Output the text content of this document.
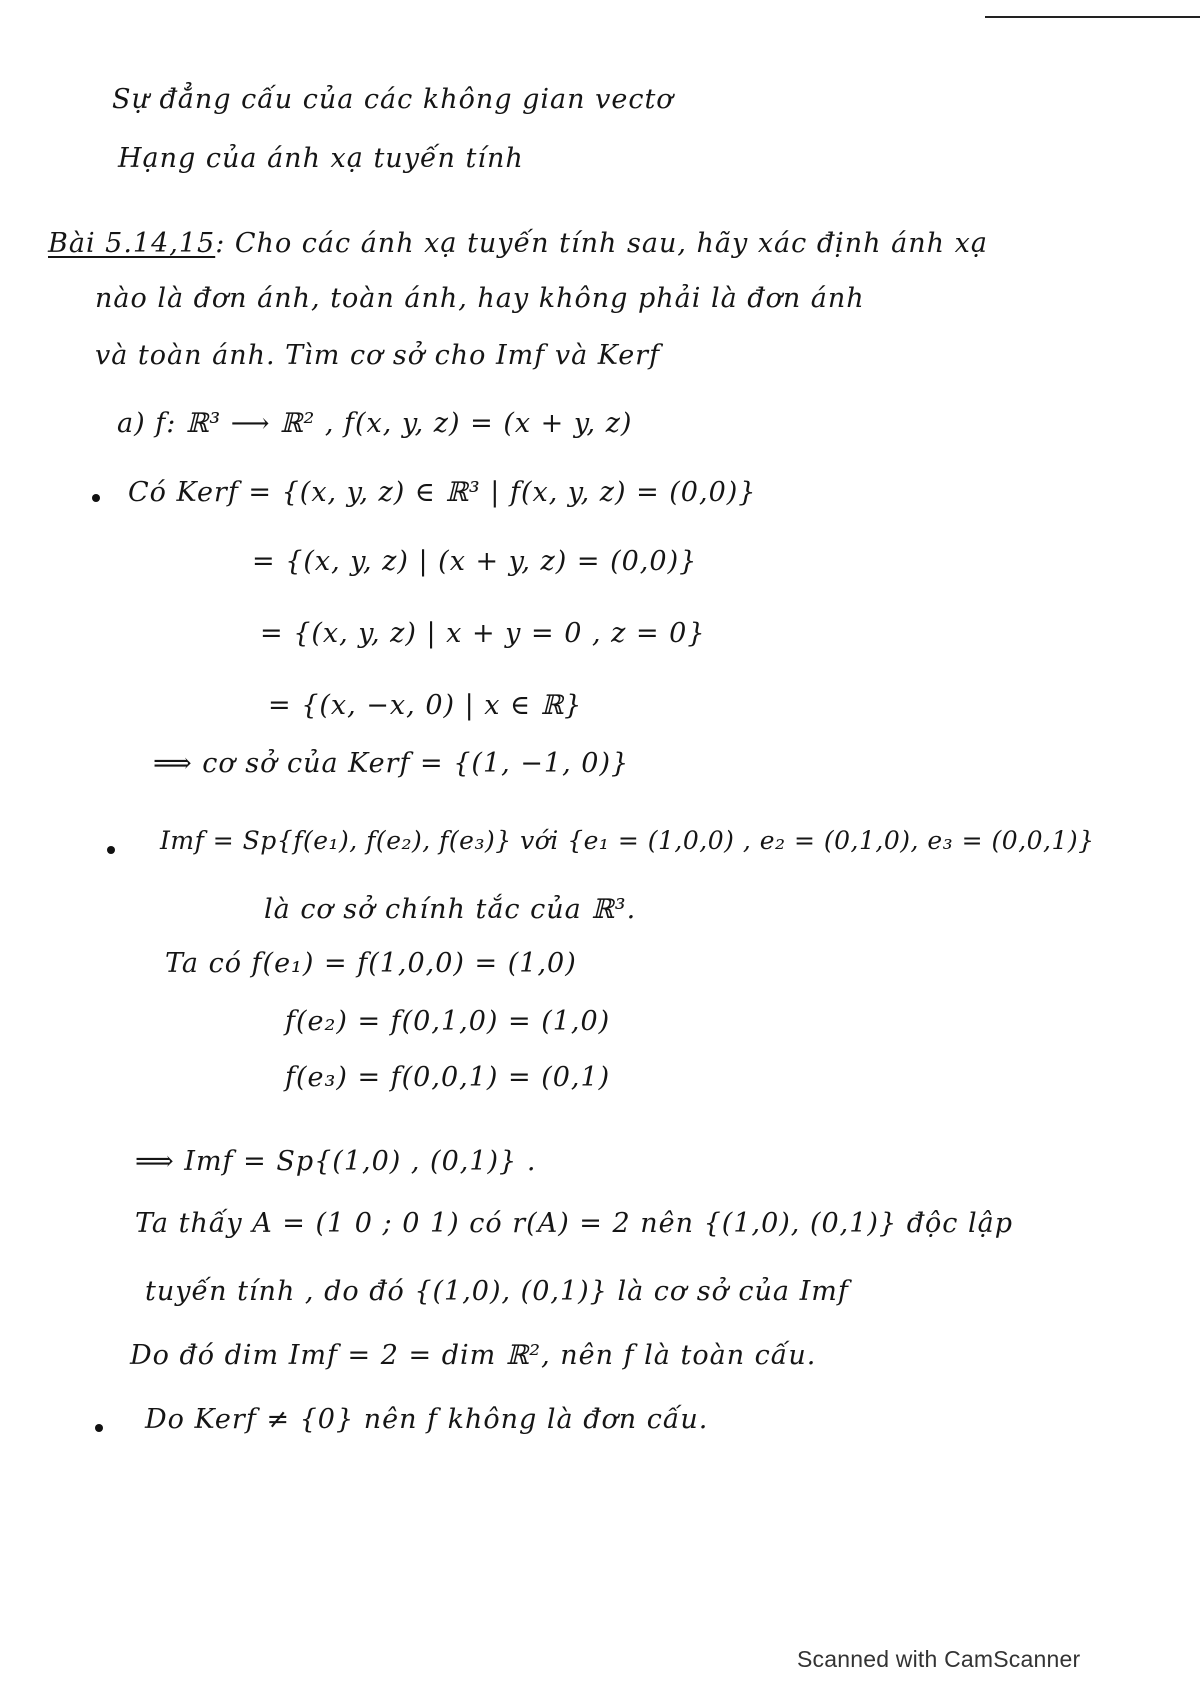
Sự đẳng cấu của các không gian vectơ
Hạng của ánh xạ tuyến tính
Bài 5.14,15: Cho các ánh xạ tuyến tính sau, hãy xác định ánh xạ
nào là đơn ánh, toàn ánh, hay không phải là đơn ánh
và toàn ánh. Tìm cơ sở cho Imf và Kerf
a) f: ℝ³ ⟶ ℝ² , f(x, y, z) = (x + y, z)
Có Kerf = {(x, y, z) ∈ ℝ³ | f(x, y, z) = (0,0)}
= {(x, y, z) | (x + y, z) = (0,0)}
= {(x, y, z) | x + y = 0 , z = 0}
= {(x, −x, 0) | x ∈ ℝ}
⟹ cơ sở của Kerf = {(1, −1, 0)}
Imf = Sp{f(e₁), f(e₂), f(e₃)} với {e₁ = (1,0,0) , e₂ = (0,1,0), e₃ = (0,0,1)}
là cơ sở chính tắc của ℝ³.
Ta có f(e₁) = f(1,0,0) = (1,0)
f(e₂) = f(0,1,0) = (1,0)
f(e₃) = f(0,0,1) = (0,1)
⟹ Imf = Sp{(1,0) , (0,1)} .
Ta thấy A = (1 0 ; 0 1) có r(A) = 2 nên {(1,0), (0,1)} độc lập
tuyến tính , do đó {(1,0), (0,1)} là cơ sở của Imf
Do đó dim Imf = 2 = dim ℝ², nên f là toàn cấu.
Do Kerf ≠ {0} nên f không là đơn cấu.
Scanned with CamScanner
